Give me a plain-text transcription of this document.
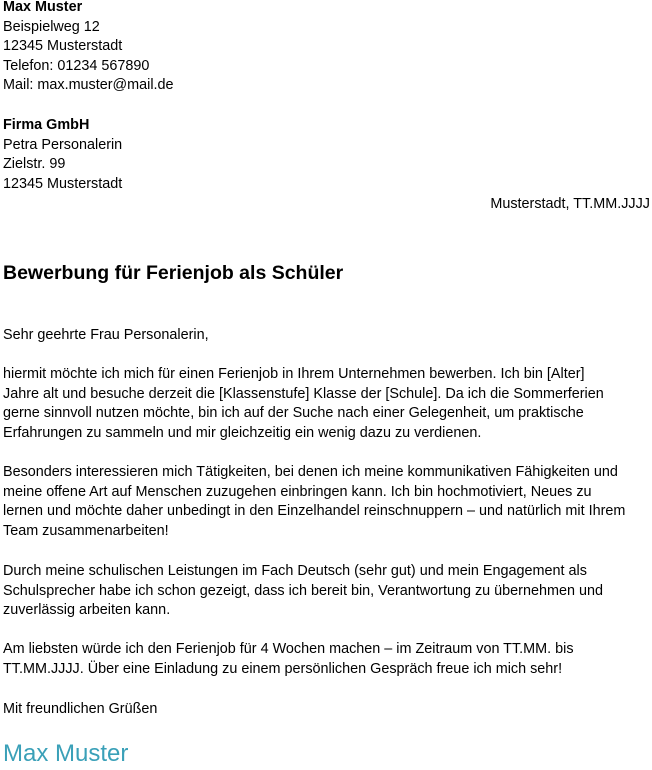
Max Muster
Beispielweg 12
12345 Musterstadt
Telefon: 01234 567890
Mail: max.muster@mail.de
Firma GmbH
Petra Personalerin
Zielstr. 99
12345 Musterstadt
Musterstadt, TT.MM.JJJJ
Bewerbung für Ferienjob als Schüler
Sehr geehrte Frau Personalerin,
hiermit möchte ich mich für einen Ferienjob in Ihrem Unternehmen bewerben. Ich bin [Alter]
Jahre alt und besuche derzeit die [Klassenstufe] Klasse der [Schule]. Da ich die Sommerferien
gerne sinnvoll nutzen möchte, bin ich auf der Suche nach einer Gelegenheit, um praktische
Erfahrungen zu sammeln und mir gleichzeitig ein wenig dazu zu verdienen.
Besonders interessieren mich Tätigkeiten, bei denen ich meine kommunikativen Fähigkeiten und
meine offene Art auf Menschen zuzugehen einbringen kann. Ich bin hochmotiviert, Neues zu
lernen und möchte daher unbedingt in den Einzelhandel reinschnuppern – und natürlich mit Ihrem
Team zusammenarbeiten!
Durch meine schulischen Leistungen im Fach Deutsch (sehr gut) und mein Engagement als
Schulsprecher habe ich schon gezeigt, dass ich bereit bin, Verantwortung zu übernehmen und
zuverlässig arbeiten kann.
Am liebsten würde ich den Ferienjob für 4 Wochen machen – im Zeitraum von TT.MM. bis
TT.MM.JJJJ. Über eine Einladung zu einem persönlichen Gespräch freue ich mich sehr!
Mit freundlichen Grüßen
Max Muster
